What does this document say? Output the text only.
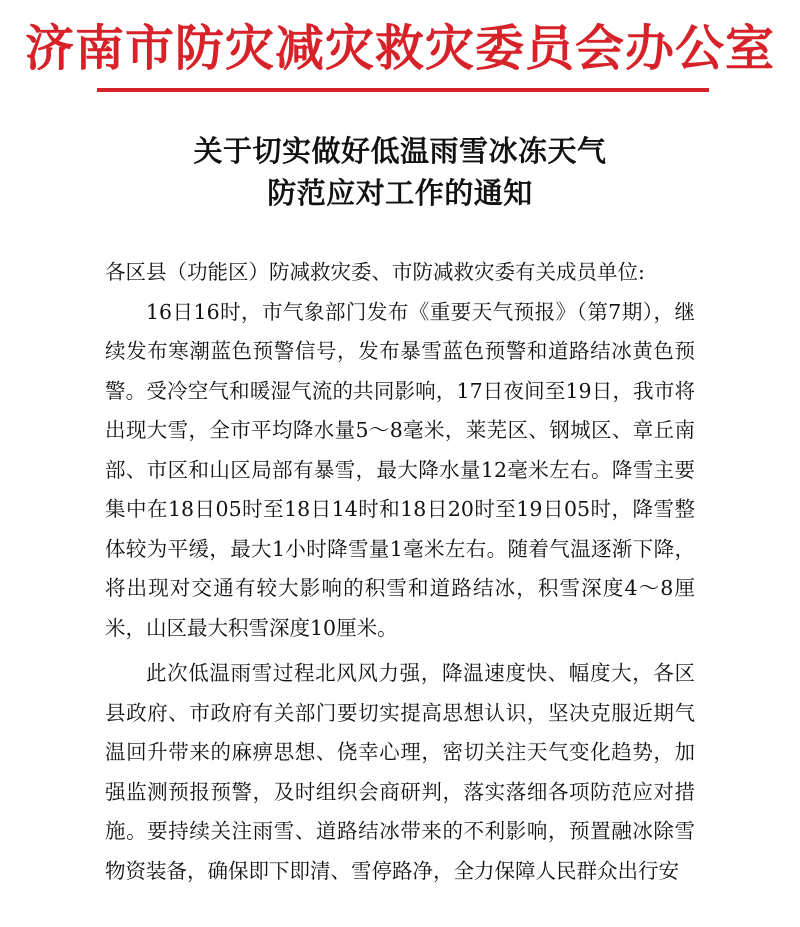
济南市防灾减灾救灾委员会办公室
关于切实做好低温雨雪冰冻天气
防范应对工作的通知

各区县（功能区）防减救灾委、市防减救灾委有关成员单位:

16日16时，市气象部门发布《重要天气预报》（第7期），继续发布寒潮蓝色预警信号，发布暴雪蓝色预警和道路结冰黄色预警。受冷空气和暖湿气流的共同影响，17日夜间至19日，我市将出现大雪，全市平均降水量5～8毫米，莱芜区、钢城区、章丘南部、市区和山区局部有暴雪，最大降水量12毫米左右。降雪主要集中在18日05时至18日14时和18日20时至19日05时，降雪整体较为平缓，最大1小时降雪量1毫米左右。随着气温逐渐下降，将出现对交通有较大影响的积雪和道路结冰，积雪深度4～8厘米，山区最大积雪深度10厘米。

此次低温雨雪过程北风风力强，降温速度快、幅度大，各区县政府、市政府有关部门要切实提高思想认识，坚决克服近期气温回升带来的麻痹思想、侥幸心理，密切关注天气变化趋势，加强监测预报预警，及时组织会商研判，落实落细各项防范应对措施。要持续关注雨雪、道路结冰带来的不利影响，预置融冰除雪物资装备，确保即下即清、雪停路净，全力保障人民群众出行安
